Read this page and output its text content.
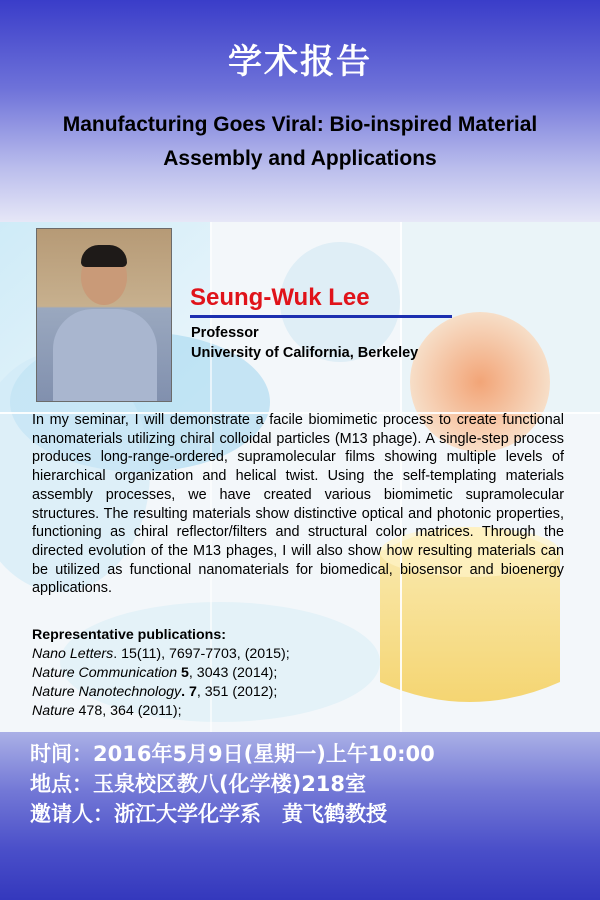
学术报告
Manufacturing Goes Viral: Bio-inspired Material Assembly and Applications
Seung-Wuk Lee
Professor
University of California, Berkeley
In my seminar, I will demonstrate a facile biomimetic process to create functional nanomaterials utilizing chiral colloidal particles (M13 phage). A single-step process produces long-range-ordered, supramolecular films showing multiple levels of hierarchical organization and helical twist. Using the self-templating materials assembly processes, we have created various biomimetic supramolecular structures. The resulting materials show distinctive optical and photonic properties, functioning as chiral reflector/filters and structural color matrices. Through the directed evolution of the M13 phages, I will also show how resulting materials can be utilized as functional nanomaterials for biomedical, biosensor and bioenergy applications.
Representative publications:
Nano Letters. 15(11), 7697-7703, (2015);
Nature Communication 5, 3043 (2014);
Nature Nanotechnology. 7, 351 (2012);
Nature 478, 364 (2011);
时间：2016年5月9日(星期一)上午10:00
地点：玉泉校区教八(化学楼)218室
邀请人：浙江大学化学系　黄飞鹤教授
